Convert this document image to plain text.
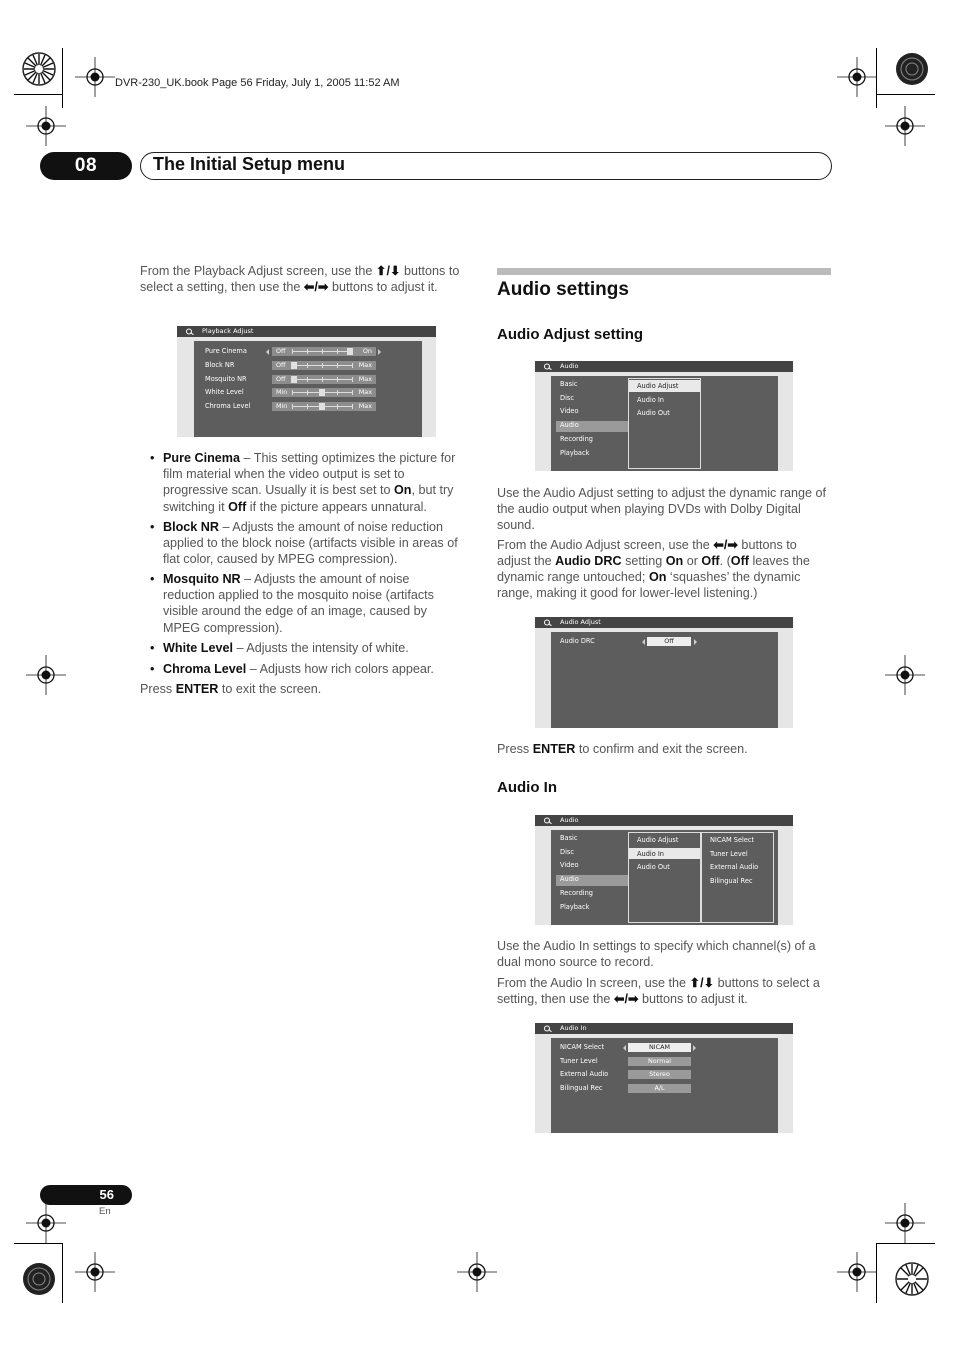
DVR-230_UK.book Page 56 Friday, July 1, 2005 11:52 AM
08	The Initial Setup menu

From the Playback Adjust screen, use the ⬆/⬇ buttons to select a setting, then use the ⬅/➡ buttons to adjust it.

Playback Adjust
Pure Cinema	Off	On
Block NR	Off	Max
Mosquito NR	Off	Max
White Level	Min	Max
Chroma Level	Min	Max
• Pure Cinema – This setting optimizes the picture for film material when the video output is set to progressive scan. Usually it is best set to On, but try switching it Off if the picture appears unnatural.
• Block NR – Adjusts the amount of noise reduction applied to the block noise (artifacts visible in areas of flat color, caused by MPEG compression).
• Mosquito NR – Adjusts the amount of noise reduction applied to the mosquito noise (artifacts visible around the edge of an image, caused by MPEG compression).
• White Level – Adjusts the intensity of white.
• Chroma Level – Adjusts how rich colors appear.

Press ENTER to exit the screen.

Audio settings
Audio Adjust setting
Audio
Basic
Disc
Video
Audio
Recording
Playback
Audio Adjust
Audio In
Audio Out

Use the Audio Adjust setting to adjust the dynamic range of the audio output when playing DVDs with Dolby Digital sound.

From the Audio Adjust screen, use the ⬅/➡ buttons to adjust the Audio DRC setting On or Off. (Off leaves the dynamic range untouched; On ‘squashes’ the dynamic range, making it good for lower-level listening.)

Audio Adjust
Audio DRC	Off

Press ENTER to confirm and exit the screen.

Audio In
Audio
Basic
Disc
Video
Audio
Recording
Playback
Audio Adjust
Audio In
Audio Out
NICAM Select
Tuner Level
External Audio
Bilingual Rec

Use the Audio In settings to specify which channel(s) of a dual mono source to record.

From the Audio In screen, use the ⬆/⬇ buttons to select a setting, then use the ⬅/➡ buttons to adjust it.

Audio In
NICAM Select	NICAM
Tuner Level	Normal
External Audio	Stereo
Bilingual Rec	A/L
56
En
